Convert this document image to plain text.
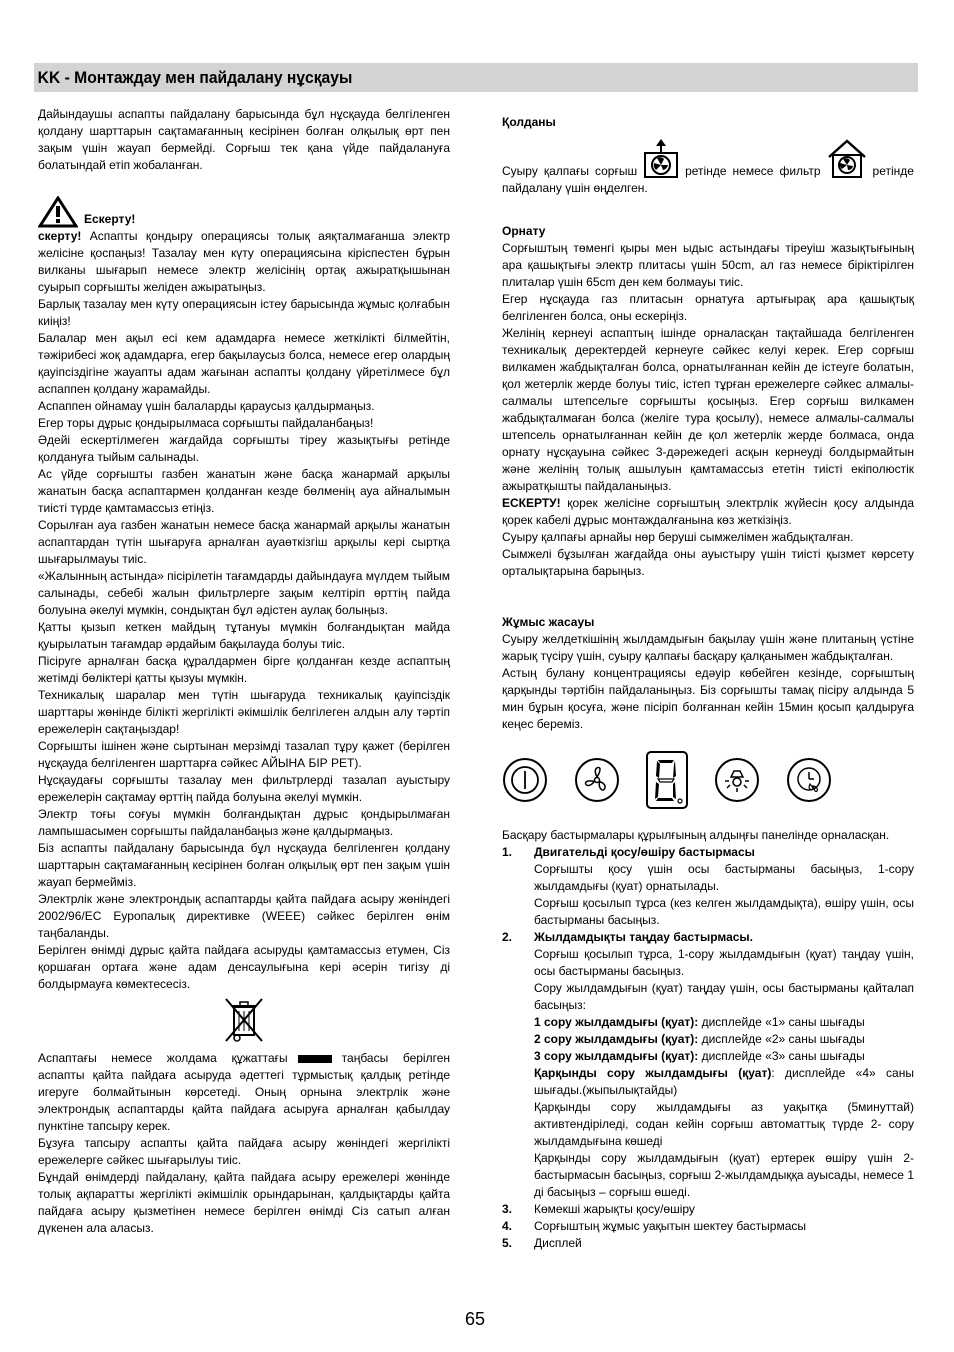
KK - Монтаждау мен пайдалану нұсқауы

Дайындаушы аспапты пайдалану барысында бұл нұсқауда белгіленген қолдану шарттарын сақтамағанның кесірінен болған олқылық өрт пен зақым үшін жауап бермейді. Сорғыш тек қана үйде пайдалануға болатындай етіп жобаланған.

Ескерту!

скерту! Аспапты қондыру операциясы толық аяқталмағанша электр желісіне қоспаңыз! Тазалау мен күту операциясына кіріспестен бұрын вилканы шығарып немесе электр желісінің ортақ ажыратқышынан суырып сорғышты желіден ажыратыңыз.

Барлық тазалау мен күту операциясын істеу барысында жұмыс қолғабын киіңіз!

Балалар мен ақыл есі кем адамдарға немесе жеткілікті білмейтін, тәжірибесі жоқ адамдарға, егер бақылаусыз болса, немесе егер олардың қауіпсіздігіне жауапты адам жағынан аспапты қолдану үйретілмесе бұл аспаппен қолдану жарамайды.

Аспаппен ойнамау үшін балаларды қараусыз қалдырмаңыз.

Егер торы дұрыс қондырылмаса сорғышты пайдаланбаңыз!

Әдейі ескертілмеген жағдайда сорғышты тіреу жазықтығы ретінде қолдануға тыйым салынады.

Ас үйде сорғышты газбен жанатын және басқа жанармай арқылы жанатын басқа аспаптармен қолданған кезде бөлменің ауа айналымын тиісті түрде қамтамассыз етіңіз.

Сорылған ауа газбен жанатын немесе басқа жанармай арқылы жанатын аспаптардан түтін шығаруға арналған ауаөткізгіш арқылы кері сыртқа шығарылмауы тиіс.

«Жалынның астында» пісірілетін тағамдарды дайындауға мүлдем тыйым салынады, себебі жалын фильтрлерге зақым келтіріп өрттің пайда болуына әкелуі мүмкін, сондықтан бұл әдістен аулақ болыңыз.

Қатты қызып кеткен майдың тұтануы мүмкін болғандықтан майда қуырылатын тағамдар әрдайым бақылауда болуы тиіс.

Пісіруге арналған басқа құралдармен бірге қолданған кезде аспаптың жетімді бөліктері қатты қызуы мүмкін.

Техникалық шаралар мен түтін шығаруда техникалық қауіпсіздік шарттары жөнінде білікті жергілікті әкімшілік белгілеген алдын алу тәртіп ережелерін сақтаңыздар!

Сорғышты ішінен және сыртынан мерзімді тазалап тұру қажет (берілген нұсқауда белгіленген шарттарға сәйкес АЙЫНА БІР РЕТ).

Нұсқаудағы сорғышты тазалау мен фильтрлерді тазалап ауыстыру ережелерін сақтамау өрттің пайда болуына әкелуі мүмкін.

Электр тоғы соғуы мүмкін болғандықтан дұрыс қондырылмаған лампышасымен сорғышты пайдаланбаңыз және қалдырмаңыз.

Біз аспапты пайдалану барысында бұл нұсқауда белгіленген қолдану шарттарын сақтамағанның кесірінен болған олқылық өрт пен зақым үшін жауап бермейміз.

Электрлік және электрондық аспаптарды қайта пайдаға асыру жөніндегі 2002/96/EC Еуропалық директивке (WEEE) сәйкес берілген өнім таңбаланды.

Берілген өнімді дұрыс қайта пайдаға асыруды қамтамассыз етумен, Сіз қоршаған ортаға және адам денсаулығына кері әсерін тигізу ді болдырмауға көмектесесіз.

Аспаптағы немесе жолдама құжаттағы	таңбасы берілген аспапты қайта пайдаға асыруда әдеттегі тұрмыстық қалдық ретінде игеруге болмайтынын көрсетеді. Оның орнына электрлік және электрондық аспаптарды қайта пайдаға асыруға арналған қабылдау пунктіне тапсыру керек.

Бұзуға тапсыру аспапты қайта пайдаға асыру жөніндегі жергілікті ережелерге сәйкес шығарылуы тиіс.

Бұндай өнімдерді пайдалану, қайта пайдаға асыру ережелері жөнінде толық ақпаратты жергілікті әкімшілік орындарынан, қалдықтарды қайта пайдаға асыру қызметінен немесе берілген өнімді Сіз сатып алған дүкенен ала аласыз.

Қолданы

Суыру қалпағы сорғыш	ретінде немесе фильтр	ретінде пайдалану үшін өңделген.

Орнату

Сорғыштың төменгі қыры мен ыдыс астындағы тіреуіш жазықтығының ара қашықтығы электр плитасы үшін 50cm, ал газ немесе біріктірілген плиталар үшін 65cm ден кем болмауы тиіс.

Егер нұсқауда газ плитасын орнатуға артығырақ ара қашықтық белгіленген болса, оны ескеріңіз.

Желінің кернеуі аспаптың ішінде орналасқан тақтайшада белгіленген техникалық деректердей кернеуге сәйкес келуі керек. Егер сорғыш вилкамен жабдықталған болса, орнатылғаннан кейін де істеуге болатын, қол жетерлік жерде болуы тиіс, істеп тұрған ережелерге сәйкес алмалы-салмалы штепсельге сорғышты қосыңыз. Егер сорғыш вилкамен жабдықталмаған болса (желіге тура қосылу), немесе алмалы-салмалы штепсель орнатылғаннан кейін де қол жетерлік жерде болмаса, онда орнату нұсқауына сәйкес 3-дәрежедегі асқын кернеуді болдырмайтын және желінің толық ашылуын қамтамассыз ететін тиісті екіполюстік ажыратқышты пайдаланыңыз.

ЕСКЕРТУ! қорек желісіне сорғыштың электрлік жүйесін қосу алдында қорек кабелі дұрыс монтаждалғанына көз жеткізіңіз.

Суыру қалпағы арнайы нөр беруші сымжелімен жабдықталған.

Сымжелі бұзылған жағдайда оны ауыстыру үшін тиісті қызмет көрсету орталықтарына барыңыз.

Жұмыс жасауы

Суыру желдеткішінің жылдамдығын бақылау үшін және плитаның үстіне жарық түсіру үшін, суыру қалпағы басқару қалқанымен жабдықталған.

Астың булану концентрациясы едәуір көбейген кезінде, сорғыштың қарқынды тәртібін пайдаланыңыз. Біз сорғышты тамақ пісіру алдында 5 мин бұрын қосуға, және пісіріп болғаннан кейін 15мин қосып қалдыруға кеңес береміз.

Басқару бастырмалары құрылғының алдыңғы панелінде орналасқан.

1.	Двигательді қосу/өшіру бастырмасы

Сорғышты қосу үшін осы бастырманы басыңыз, 1-сору жылдамдығы (қуат) орнатылады.

Сорғыш қосылып тұрса (кез келген жылдамдықта), өшіру үшін, осы бастырманы басыңыз.

2.	Жылдамдықты таңдау бастырмасы.

Сорғыш қосылып тұрса, 1-сору жылдамдығын (қуат) таңдау үшін, осы бастырманы басыңыз.

Сору жылдамдығын (қуат) таңдау үшін, осы бастырманы қайталап басыңыз:

1 сору жылдамдығы (қуат): дисплейде «1» саны шығады

2 сору жылдамдығы (қуат): дисплейде «2» саны шығады

3 сору жылдамдығы (қуат): дисплейде «3» саны шығады

Қарқынды сору жылдамдығы (қуат): дисплейде «4» саны шығады.(жыпылықтайды)

Қарқынды сору жылдамдығы аз уақытқа (5минуттай) активтендіріледі, содан кейін сорғыш автоматтық түрде 2- сору жылдамдығына көшеді

Қарқынды сору жылдамдығын (қуат) ертерек өшіру үшін 2- бастырмасын басыңыз, сорғыш 2-жылдамдыққа ауысады, немесе 1 ді басыңыз – сорғыш өшеді.

3.	Көмекші жарықты қосу/өшіру

4.	Сорғыштың жұмыс уақытын шектеу бастырмасы

5.	Дисплей

65
